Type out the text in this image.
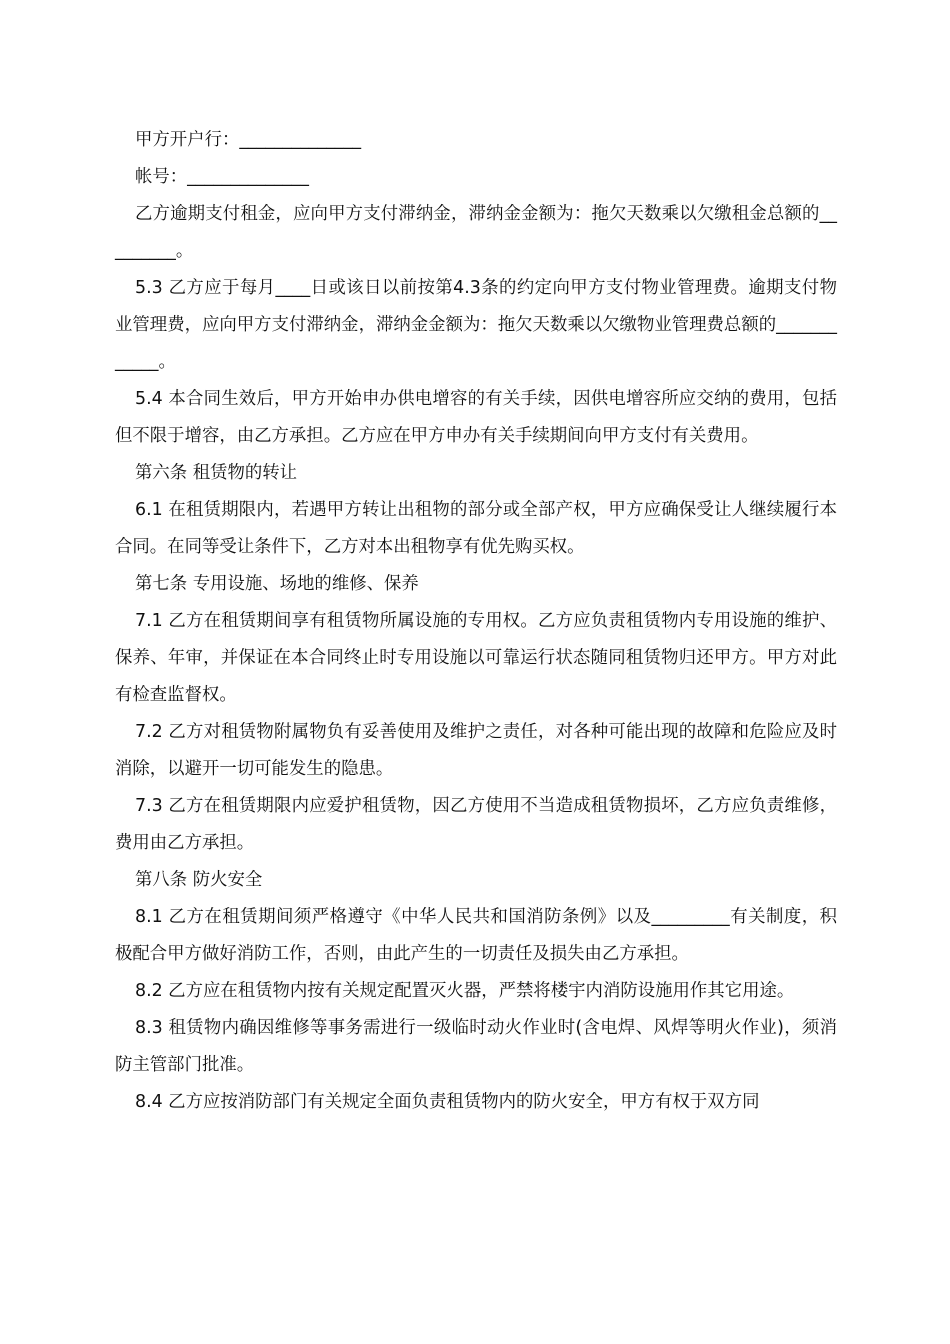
甲方开户行：______________

帐号：______________

乙方逾期支付租金，应向甲方支付滞纳金，滞纳金金额为：拖欠天数乘以欠缴租金总额的_________。

5.3 乙方应于每月____日或该日以前按第4.3条的约定向甲方支付物业管理费。逾期支付物业管理费，应向甲方支付滞纳金，滞纳金金额为：拖欠天数乘以欠缴物业管理费总额的____________。

5.4 本合同生效后，甲方开始申办供电增容的有关手续，因供电增容所应交纳的费用，包括但不限于增容，由乙方承担。乙方应在甲方申办有关手续期间向甲方支付有关费用。

第六条 租赁物的转让

6.1 在租赁期限内，若遇甲方转让出租物的部分或全部产权，甲方应确保受让人继续履行本合同。在同等受让条件下，乙方对本出租物享有优先购买权。

第七条 专用设施、场地的维修、保养

7.1 乙方在租赁期间享有租赁物所属设施的专用权。乙方应负责租赁物内专用设施的维护、保养、年审，并保证在本合同终止时专用设施以可靠运行状态随同租赁物归还甲方。甲方对此有检查监督权。

7.2 乙方对租赁物附属物负有妥善使用及维护之责任，对各种可能出现的故障和危险应及时消除，以避开一切可能发生的隐患。

7.3 乙方在租赁期限内应爱护租赁物，因乙方使用不当造成租赁物损坏，乙方应负责维修，费用由乙方承担。

第八条 防火安全

8.1 乙方在租赁期间须严格遵守《中华人民共和国消防条例》以及_________有关制度，积极配合甲方做好消防工作，否则，由此产生的一切责任及损失由乙方承担。

8.2 乙方应在租赁物内按有关规定配置灭火器，严禁将楼宇内消防设施用作其它用途。

8.3 租赁物内确因维修等事务需进行一级临时动火作业时(含电焊、风焊等明火作业)，须消防主管部门批准。

8.4 乙方应按消防部门有关规定全面负责租赁物内的防火安全，甲方有权于双方同
